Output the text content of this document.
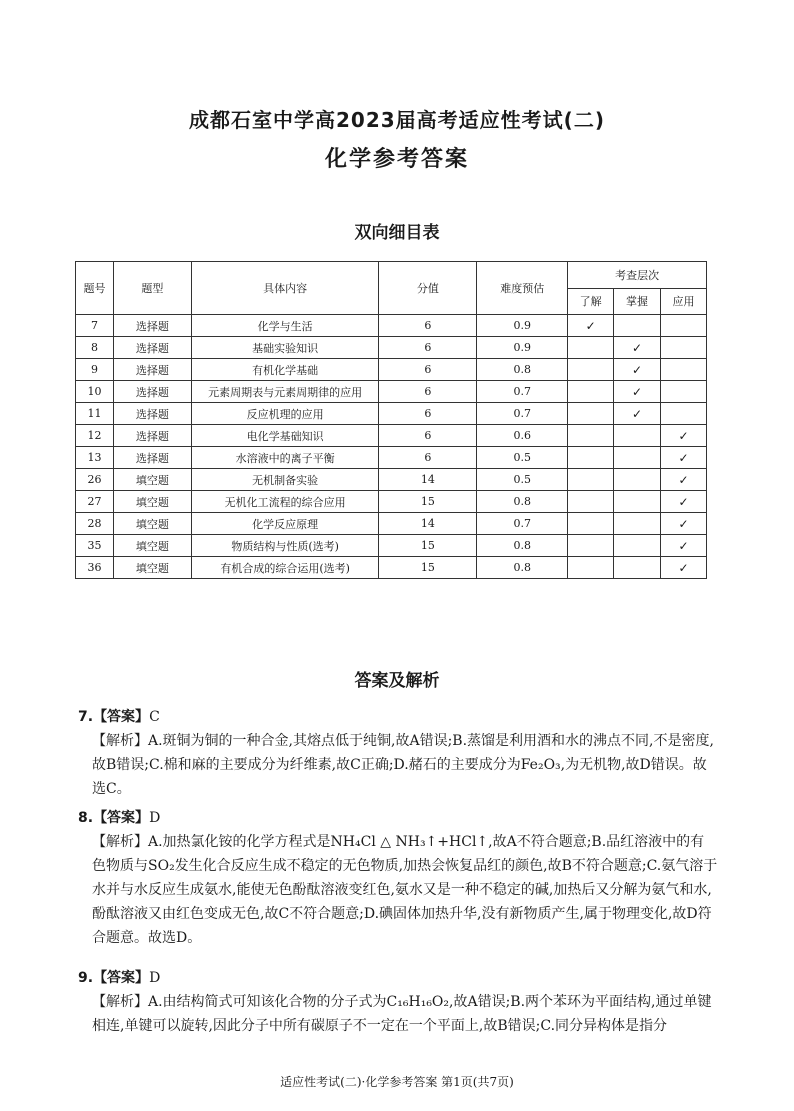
成都石室中学高2023届高考适应性考试(二)
化学参考答案
双向细目表
题号	题型	具体内容	分值	难度预估	考查层次		
					了解	掌握	应用
7	选择题	化学与生活	6	0.9	✓		
8	选择题	基础实验知识	6	0.9		✓	
9	选择题	有机化学基础	6	0.8		✓	
10	选择题	元素周期表与元素周期律的应用	6	0.7		✓	
11	选择题	反应机理的应用	6	0.7		✓	
12	选择题	电化学基础知识	6	0.6			✓
13	选择题	水溶液中的离子平衡	6	0.5			✓
26	填空题	无机制备实验	14	0.5			✓
27	填空题	无机化工流程的综合应用	15	0.8			✓
28	填空题	化学反应原理	14	0.7			✓
35	填空题	物质结构与性质(选考)	15	0.8			✓
36	填空题	有机合成的综合运用(选考)	15	0.8			✓
答案及解析

7.【答案】C

【解析】A.斑铜为铜的一种合金,其熔点低于纯铜,故A错误;B.蒸馏是利用酒和水的沸点不同,不是密度,故B错误;C.棉和麻的主要成分为纤维素,故C正确;D.赭石的主要成分为Fe₂O₃,为无机物,故D错误。故选C。

8.【答案】D

【解析】A.加热氯化铵的化学方程式是NH₄Cl △ NH₃↑+HCl↑,故A不符合题意;B.品红溶液中的有色物质与SO₂发生化合反应生成不稳定的无色物质,加热会恢复品红的颜色,故B不符合题意;C.氨气溶于水并与水反应生成氨水,能使无色酚酞溶液变红色,氨水又是一种不稳定的碱,加热后又分解为氨气和水,酚酞溶液又由红色变成无色,故C不符合题意;D.碘固体加热升华,没有新物质产生,属于物理变化,故D符合题意。故选D。

9.【答案】D

【解析】A.由结构简式可知该化合物的分子式为C₁₆H₁₆O₂,故A错误;B.两个苯环为平面结构,通过单键相连,单键可以旋转,因此分子中所有碳原子不一定在一个平面上,故B错误;C.同分异构体是指分

适应性考试(二)·化学参考答案 第1页(共7页)
